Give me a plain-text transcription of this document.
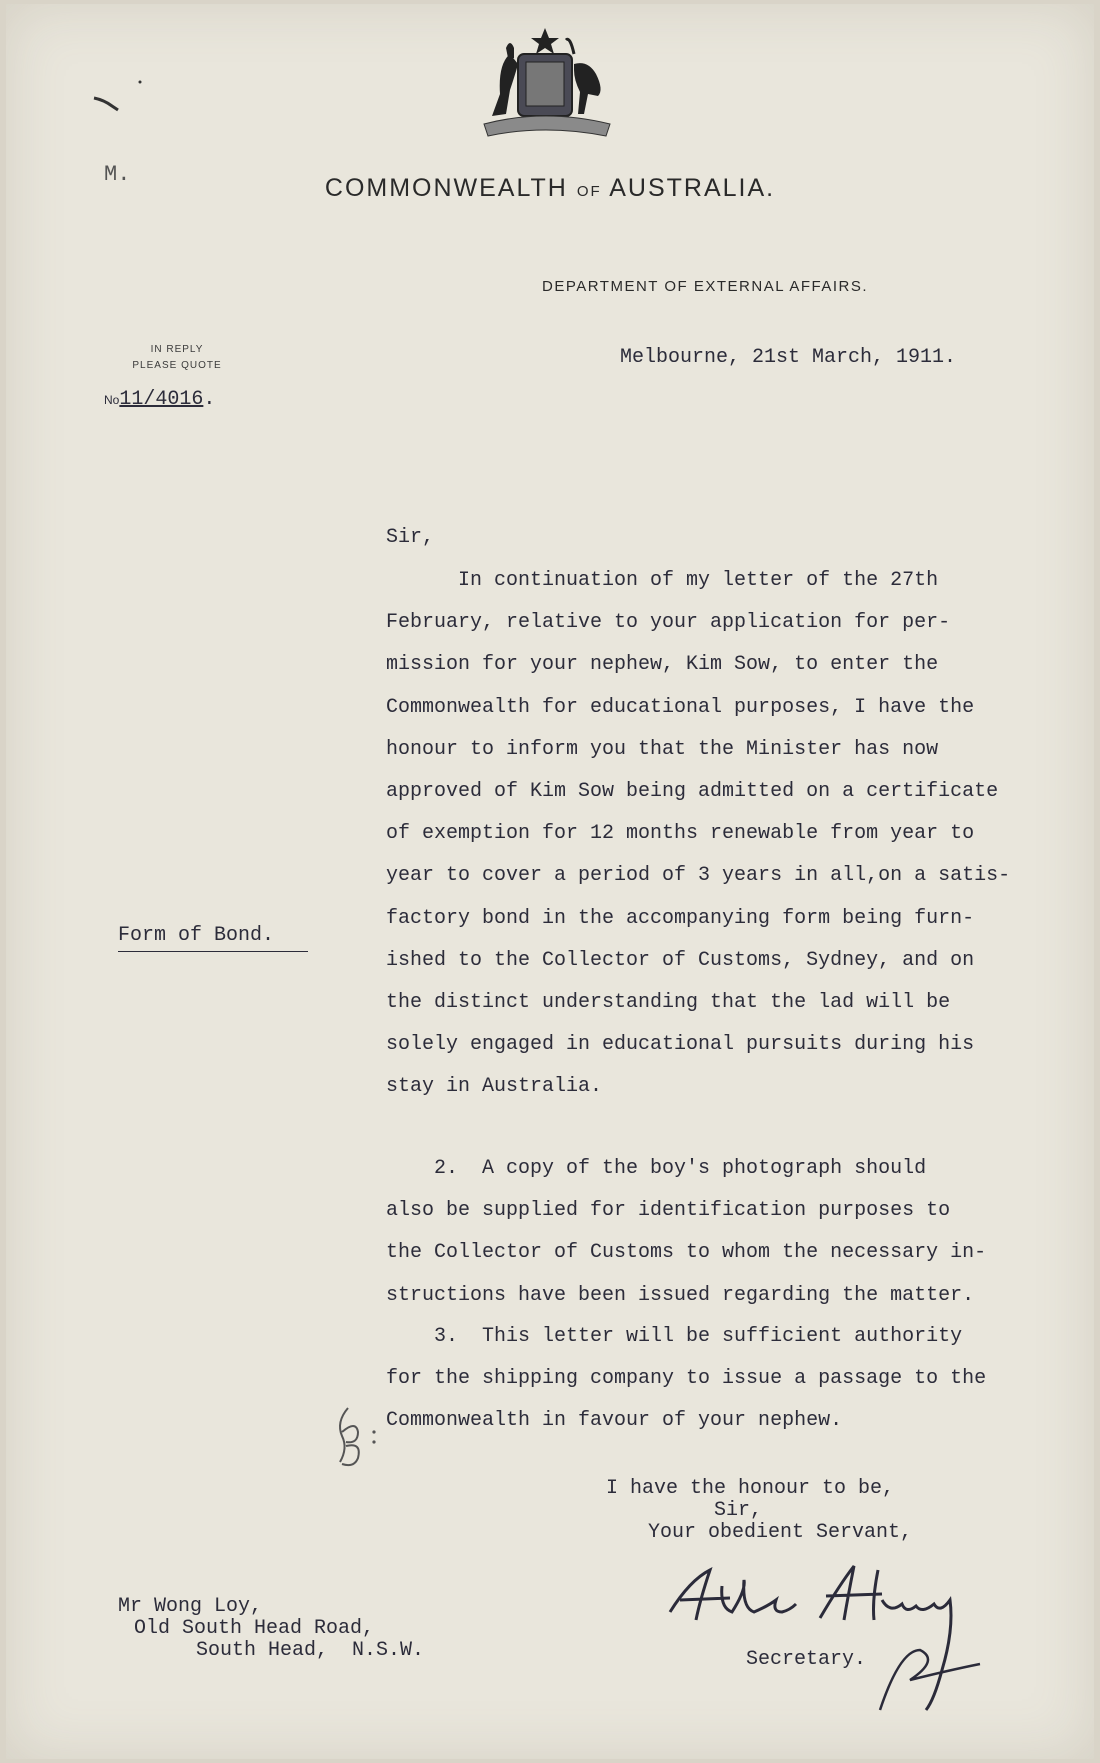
M.	COMMONWEALTH OF AUSTRALIA.
DEPARTMENT OF EXTERNAL AFFAIRS.
IN REPLY
PLEASE QUOTE
No11/4016.
Melbourne, 21st March, 1911.
Sir,
In continuation of my letter of the 27th
February, relative to your application for per-
mission for your nephew, Kim Sow, to enter the
Commonwealth for educational purposes, I have the
honour to inform you that the Minister has now
approved of Kim Sow being admitted on a certificate
of exemption for 12 months renewable from year to
year to cover a period of 3 years in all,on a satis-
factory bond in the accompanying form being furn-
ished to the Collector of Customs, Sydney, and on
the distinct understanding that the lad will be
solely engaged in educational pursuits during his
stay in Australia.
Form of Bond.
2.  A copy of the boy's photograph should
also be supplied for identification purposes to
the Collector of Customs to whom the necessary in-
structions have been issued regarding the matter.
3.  This letter will be sufficient authority
for the shipping company to issue a passage to the
Commonwealth in favour of your nephew.
I have the honour to be,
Sir,
Your obedient Servant,
Secretary.
Mr Wong Loy,
Old South Head Road,
South Head,  N.S.W.
